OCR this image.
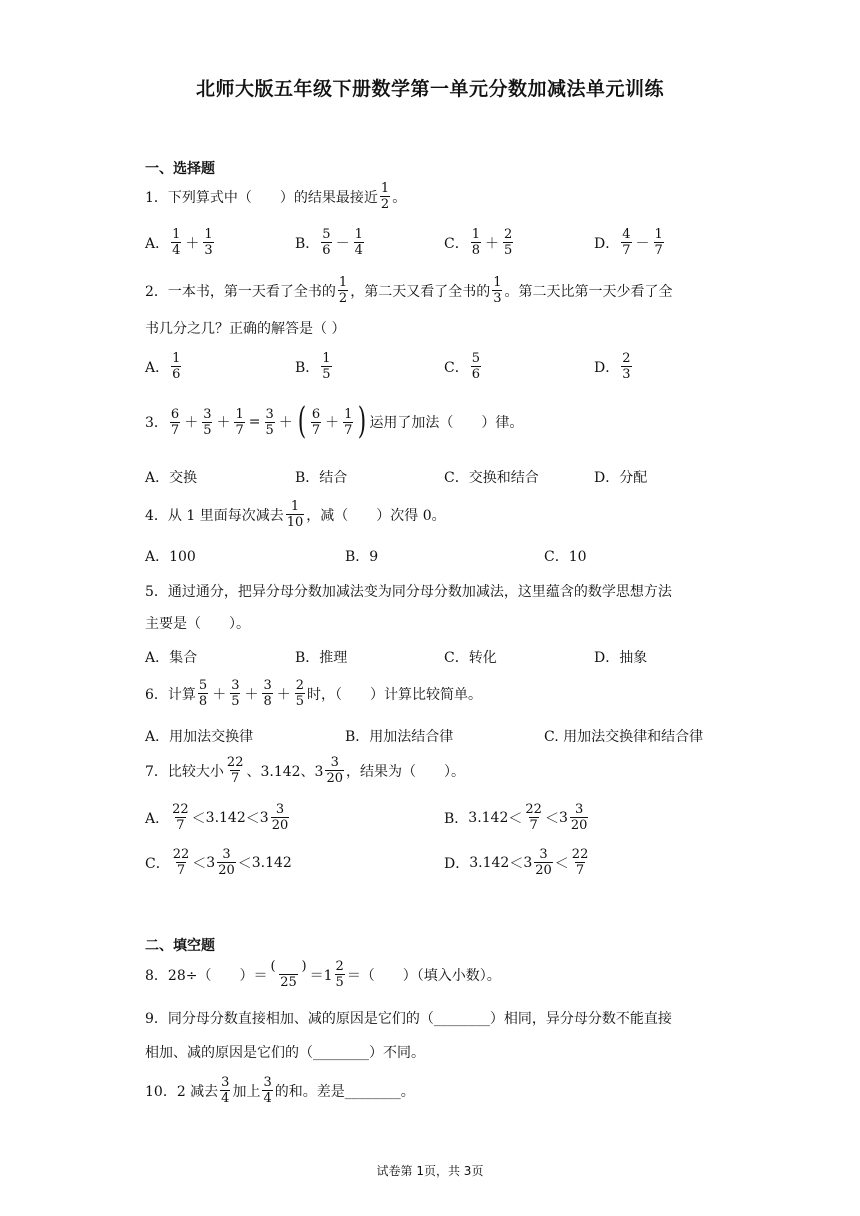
北师大版五年级下册数学第一单元分数加减法单元训练
一、选择题
1．下列算式中（　　）的结果最接近 $\frac{1}{2}$ 。
A． $\frac{1}{4} + \frac{1}{3}$	B． $\frac{5}{6} - \frac{1}{4}$	C． $\frac{1}{8} + \frac{2}{5}$	D． $\frac{4}{7} - \frac{1}{7}$
2．一本书，第一天看了全书的 $\frac{1}{2}$ ，第二天又看了全书的 $\frac{1}{3}$ 。第二天比第一天少看了全
书几分之几？正确的解答是（ ）
A． $\frac{1}{6}$	B． $\frac{1}{5}$	C． $\frac{5}{6}$	D． $\frac{2}{3}$
3． $\frac{6}{7} + \frac{3}{5} + \frac{1}{7} = \frac{3}{5}$ ＋ ( $\frac{6}{7} + \frac{1}{7}$ ) 运用了加法（　　）律。
A．交换	B．结合	C．交换和结合	D．分配
4．从 1 里面每次减去 $\frac{1}{10}$ ，减（　　）次得 0。
A．100	B．9	C．10
5．通过通分，把异分母分数加减法变为同分母分数加减法，这里蕴含的数学思想方法
主要是（　　）。
A．集合	B．推理	C．转化	D．抽象
6．计算 $\frac{5}{8} + \frac{3}{5} + \frac{3}{8} + \frac{2}{5}$ 时，（　　）计算比较简单。
A．用加法交换律	B．用加法结合律	C. 用加法交换律和结合律
7．比较大小 $\frac{22}{7}$ 、3.142、$3 \frac{3}{20}$ ，结果为（　　）。
A． $\frac{22}{7} < 3.142 < 3 \frac{3}{20}$	B． $3.142 < \frac{22}{7} < 3 \frac{3}{20}$
C． $\frac{22}{7} < 3 \frac{3}{20} < 3.142$	D． $3.142 < 3 \frac{3}{20} < \frac{22}{7}$
二、填空题
8．28÷（　　）＝ $\frac{( )}{25} =1 \frac{2}{5}$ ＝（　　）（填入小数）。
9．同分母分数直接相加、减的原因是它们的（________）相同，异分母分数不能直接
相加、减的原因是它们的（________）不同。
10．2 减去 $\frac{3}{4}$ 加上 $\frac{3}{4}$ 的和。差是________。
试卷第 1页，共 3页
